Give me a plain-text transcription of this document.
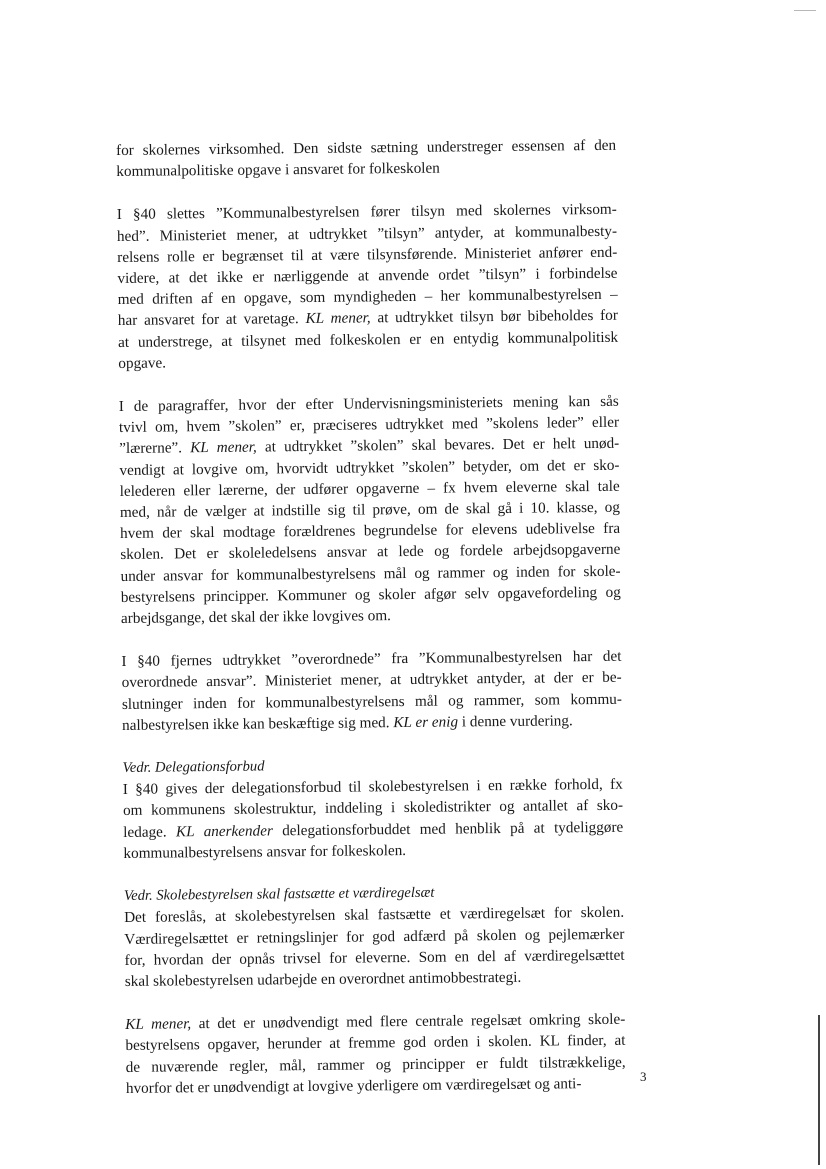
for skolernes virksomhed. Den sidste sætning understreger essensen af den
kommunalpolitiske opgave i ansvaret for folkeskolen

I §40 slettes ”Kommunalbestyrelsen fører tilsyn med skolernes virksom-
hed”. Ministeriet mener, at udtrykket ”tilsyn” antyder, at kommunalbesty-
relsens rolle er begrænset til at være tilsynsførende. Ministeriet anfører end-
videre, at det ikke er nærliggende at anvende ordet ”tilsyn” i forbindelse
med driften af en opgave, som myndigheden – her kommunalbestyrelsen –
har ansvaret for at varetage. KL mener, at udtrykket tilsyn bør bibeholdes for
at understrege, at tilsynet med folkeskolen er en entydig kommunalpolitisk
opgave.

I de paragraffer, hvor der efter Undervisningsministeriets mening kan sås
tvivl om, hvem ”skolen” er, præciseres udtrykket med ”skolens leder” eller
”lærerne”. KL mener, at udtrykket ”skolen” skal bevares. Det er helt unød-
vendigt at lovgive om, hvorvidt udtrykket ”skolen” betyder, om det er sko-
lelederen eller lærerne, der udfører opgaverne – fx hvem eleverne skal tale
med, når de vælger at indstille sig til prøve, om de skal gå i 10. klasse, og
hvem der skal modtage forældrenes begrundelse for elevens udeblivelse fra
skolen. Det er skoleledelsens ansvar at lede og fordele arbejdsopgaverne
under ansvar for kommunalbestyrelsens mål og rammer og inden for skole-
bestyrelsens principper. Kommuner og skoler afgør selv opgavefordeling og
arbejdsgange, det skal der ikke lovgives om.

I §40 fjernes udtrykket ”overordnede” fra ”Kommunalbestyrelsen har det
overordnede ansvar”. Ministeriet mener, at udtrykket antyder, at der er be-
slutninger inden for kommunalbestyrelsens mål og rammer, som kommu-
nalbestyrelsen ikke kan beskæftige sig med. KL er enig i denne vurdering.

Vedr. Delegationsforbud
I §40 gives der delegationsforbud til skolebestyrelsen i en række forhold, fx
om kommunens skolestruktur, inddeling i skoledistrikter og antallet af sko-
ledage. KL anerkender delegationsforbuddet med henblik på at tydeliggøre
kommunalbestyrelsens ansvar for folkeskolen.

Vedr. Skolebestyrelsen skal fastsætte et værdiregelsæt
Det foreslås, at skolebestyrelsen skal fastsætte et værdiregelsæt for skolen.
Værdiregelsættet er retningslinjer for god adfærd på skolen og pejlemærker
for, hvordan der opnås trivsel for eleverne. Som en del af værdiregelsættet
skal skolebestyrelsen udarbejde en overordnet antimobbestrategi.

KL mener, at det er unødvendigt med flere centrale regelsæt omkring skole-
bestyrelsens opgaver, herunder at fremme god orden i skolen. KL finder, at
de nuværende regler, mål, rammer og principper er fuldt tilstrækkelige,
hvorfor det er unødvendigt at lovgive yderligere om værdiregelsæt og anti-	3
